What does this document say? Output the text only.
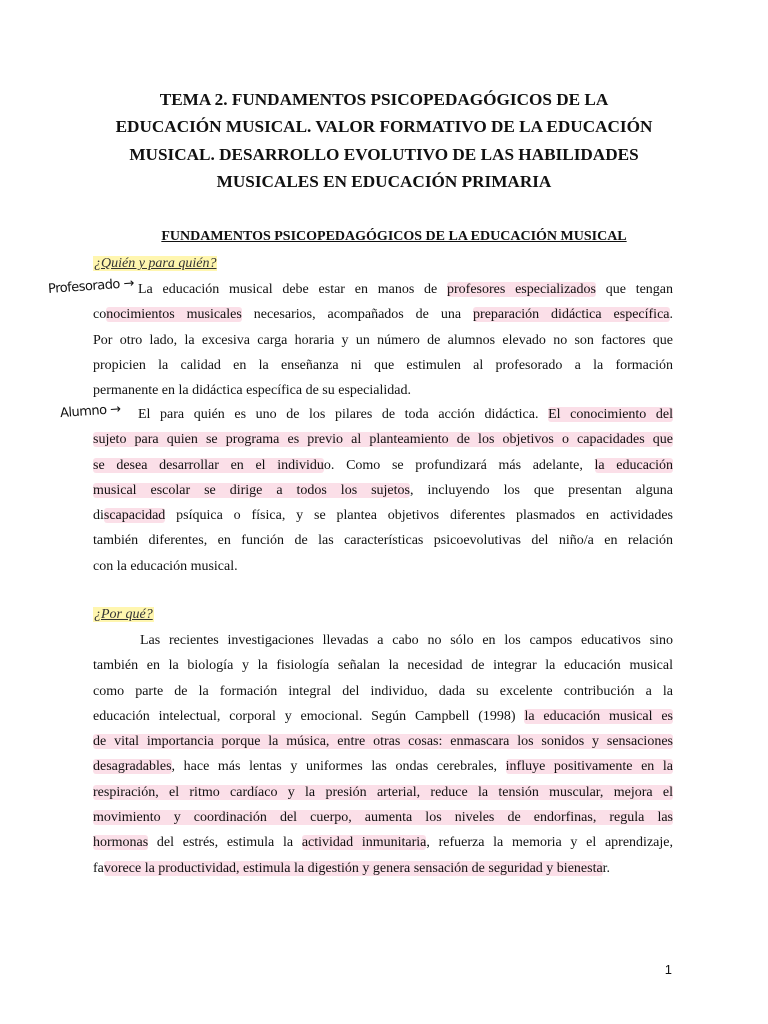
TEMA 2. FUNDAMENTOS PSICOPEDAGÓGICOS DE LA
EDUCACIÓN MUSICAL. VALOR FORMATIVO DE LA EDUCACIÓN
MUSICAL. DESARROLLO EVOLUTIVO DE LAS HABILIDADES
MUSICALES EN EDUCACIÓN PRIMARIA
FUNDAMENTOS PSICOPEDAGÓGICOS DE LA EDUCACIÓN MUSICAL
¿Quién y para quién?
Profesorado → La educación musical debe estar en manos de profesores especializados que tengan
conocimientos musicales necesarios, acompañados de una preparación didáctica específica.
Por otro lado, la excesiva carga horaria y un número de alumnos elevado no son factores que
propicien la calidad en la enseñanza ni que estimulen al profesorado a la formación
permanente en la didáctica específica de su especialidad.
Alumno →	El para quién es uno de los pilares de toda acción didáctica. El conocimiento del
sujeto para quien se programa es previo al planteamiento de los objetivos o capacidades que
se desea desarrollar en el individuo. Como se profundizará más adelante, la educación
musical escolar se dirige a todos los sujetos, incluyendo los que presentan alguna
discapacidad psíquica o física, y se plantea objetivos diferentes plasmados en actividades
también diferentes, en función de las características psicoevolutivas del niño/a en relación
con la educación musical.
¿Por qué?
Las recientes investigaciones llevadas a cabo no sólo en los campos educativos sino
también en la biología y la fisiología señalan la necesidad de integrar la educación musical
como parte de la formación integral del individuo, dada su excelente contribución a la
educación intelectual, corporal y emocional. Según Campbell (1998) la educación musical es
de vital importancia porque la música, entre otras cosas: enmascara los sonidos y sensaciones
desagradables, hace más lentas y uniformes las ondas cerebrales, influye positivamente en la
respiración, el ritmo cardíaco y la presión arterial, reduce la tensión muscular, mejora el
movimiento y coordinación del cuerpo, aumenta los niveles de endorfinas, regula las
hormonas del estrés, estimula la actividad inmunitaria, refuerza la memoria y el aprendizaje,
favorece la productividad, estimula la digestión y genera sensación de seguridad y bienestar.
1
